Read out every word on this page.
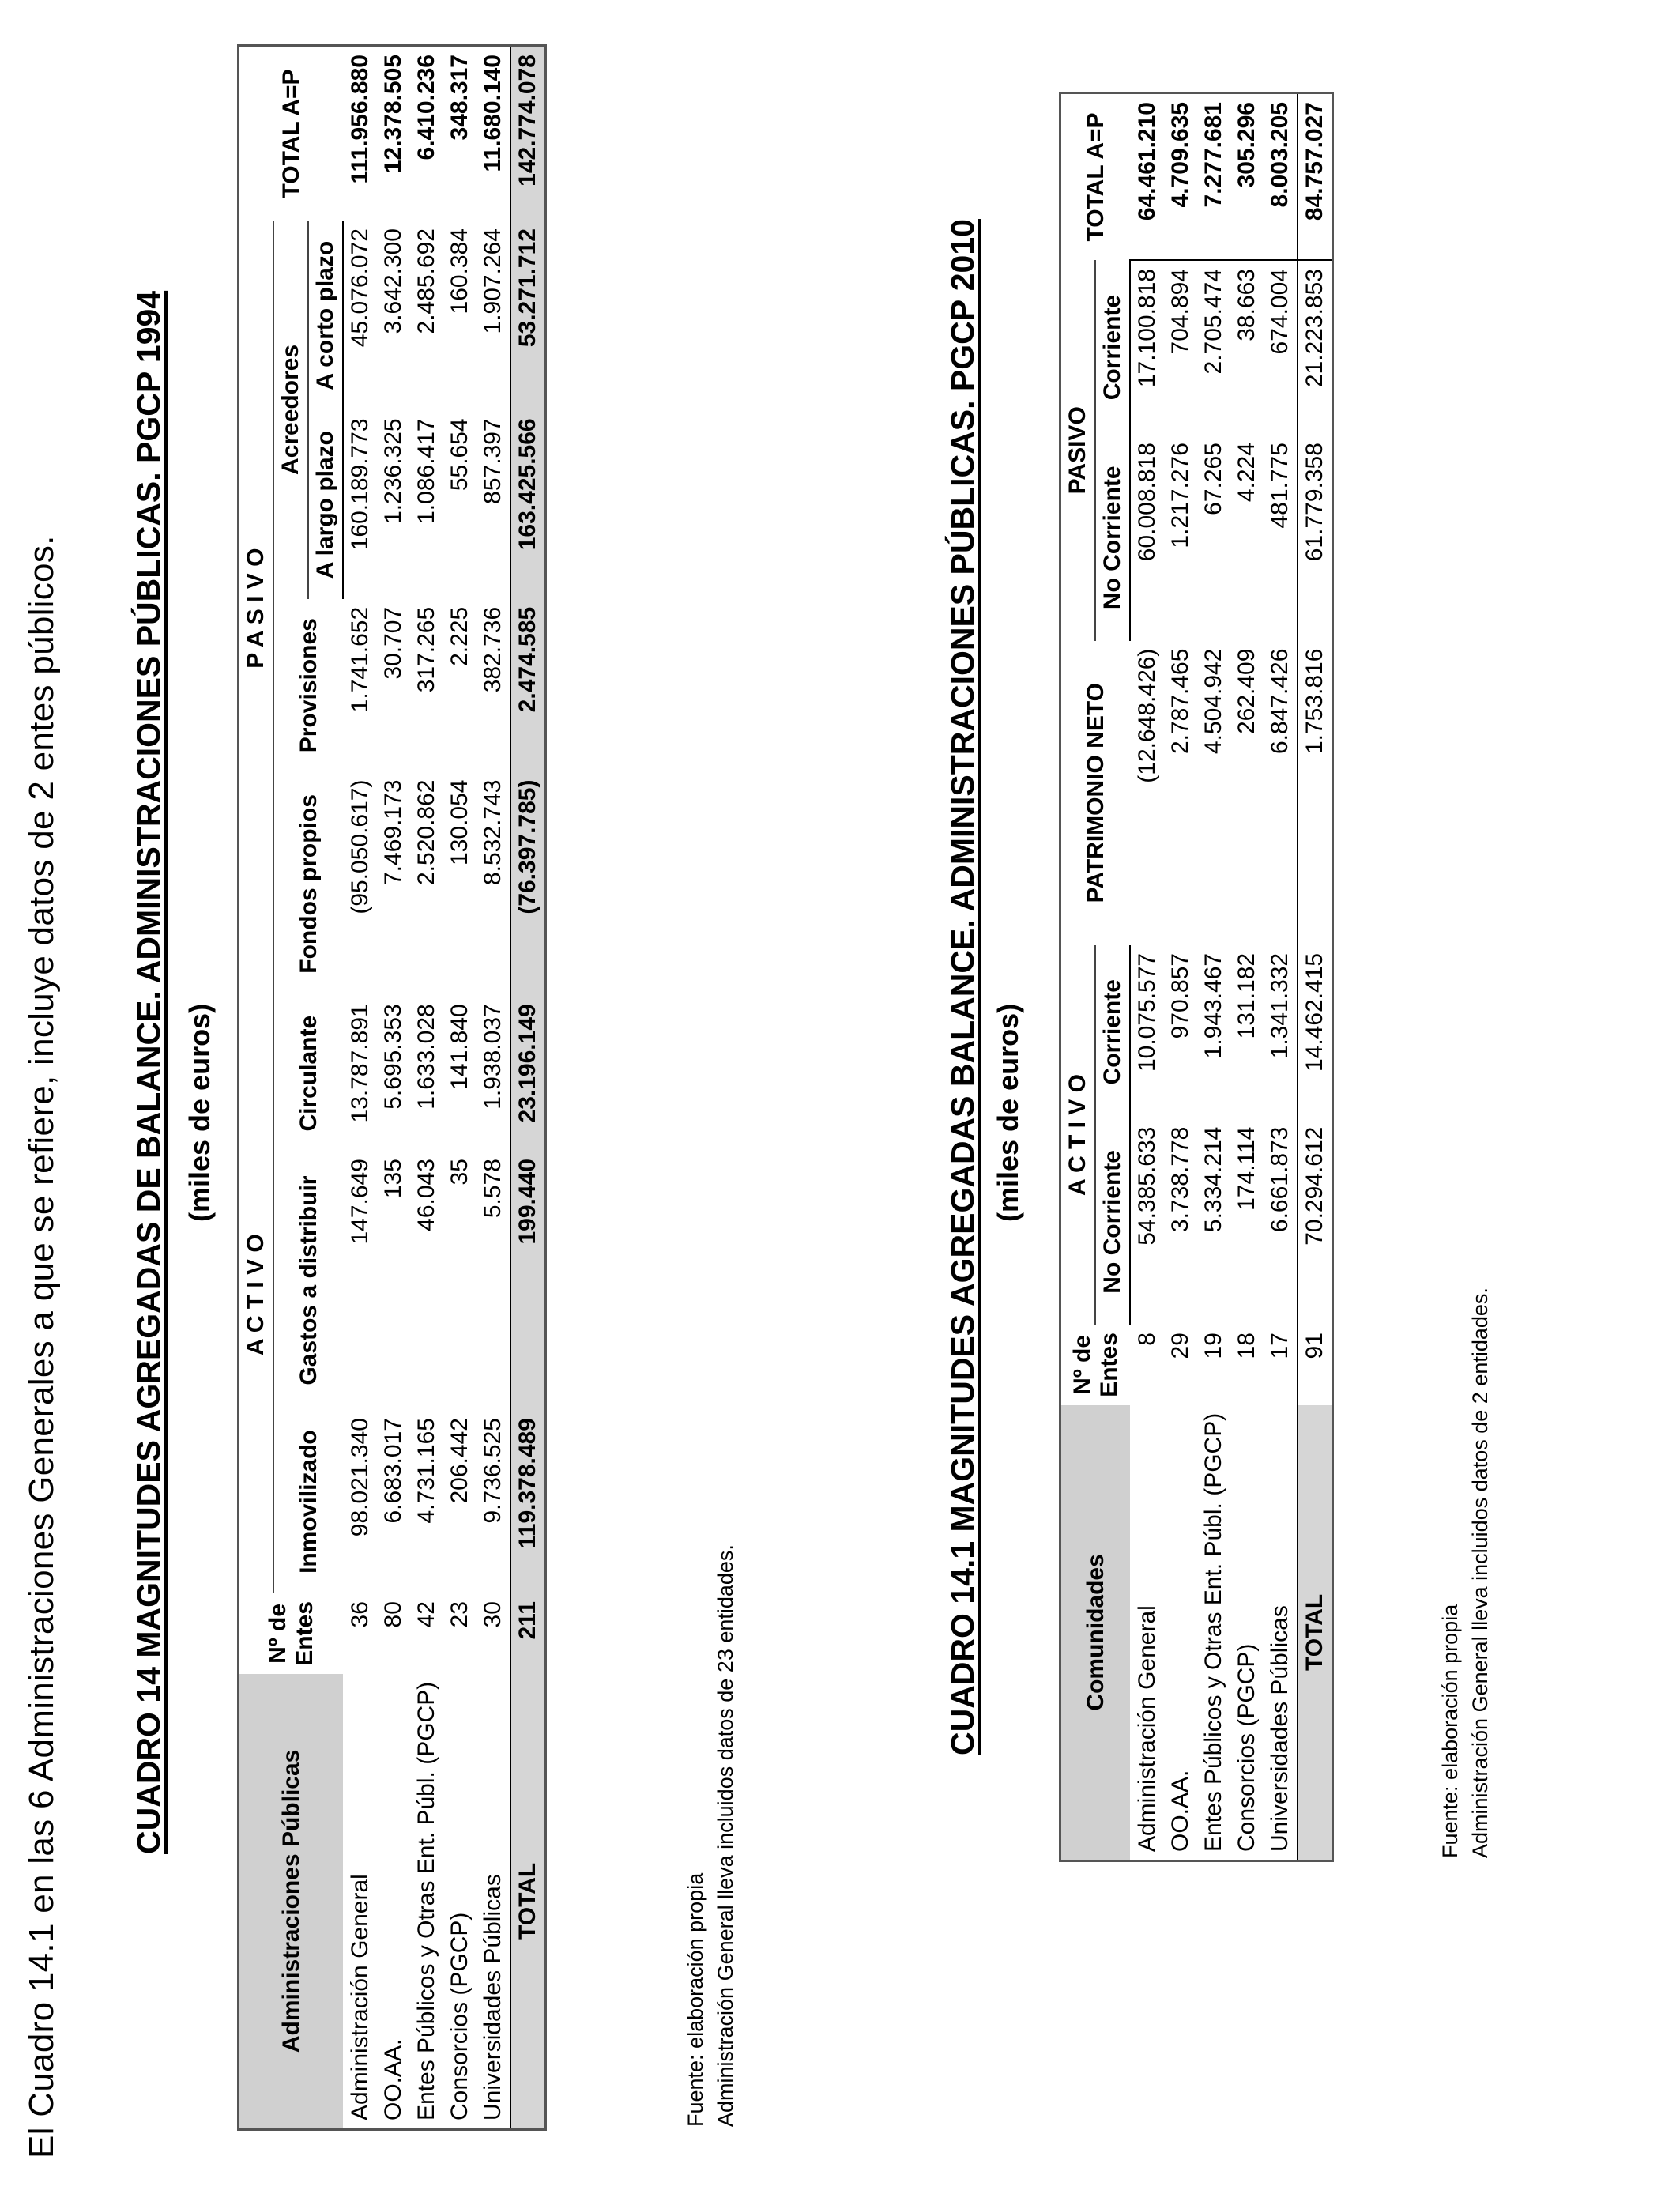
El Cuadro 14.1 en las 6 Administraciones Generales a que se refiere, incluye datos de 2 entes públicos. CUADRO 14 MAGNITUDES AGREGADAS DE BALANCE. ADMINISTRACIONES PÚBLICAS. PGCP 1994 (miles de euros)
Administraciones Públicas	Nº de Entes	A C T I V O			P A S I V O				TOTAL A=P
		Inmovilizado	Gastos a distribuir	Circulante	Fondos propios	Provisiones	Acreedores		
							A largo plazo	A corto plazo	
Administración General	36	98.021.340	147.649	13.787.891	(95.050.617)	1.741.652	160.189.773	45.076.072	111.956.880
OO.AA.	80	6.683.017	135	5.695.353	7.469.173	30.707	1.236.325	3.642.300	12.378.505
Entes Públicos y Otras Ent. Públ. (PGCP)	42	4.731.165	46.043	1.633.028	2.520.862	317.265	1.086.417	2.485.692	6.410.236
Consorcios (PGCP)	23	206.442	35	141.840	130.054	2.225	55.654	160.384	348.317
Universidades Públicas	30	9.736.525	5.578	1.938.037	8.532.743	382.736	857.397	1.907.264	11.680.140
TOTAL	211	119.378.489	199.440	23.196.149	(76.397.785)	2.474.585	163.425.566	53.271.712	142.774.078
Fuente: elaboración propia Administración General lleva incluidos datos de 23 entidades.
CUADRO 14.1 MAGNITUDES AGREGADAS BALANCE. ADMINISTRACIONES PÚBLICAS. PGCP 2010 (miles de euros)
Comunidades	Nº de Entes	A C T I V O		PATRIMONIO NETO	PASIVO		TOTAL A=P
		No Corriente	Corriente		No Corriente	Corriente	
Administración General	8	54.385.633	10.075.577	(12.648.426)	60.008.818	17.100.818	64.461.210
OO.AA.	29	3.738.778	970.857	2.787.465	1.217.276	704.894	4.709.635
Entes Públicos y Otras Ent. Públ. (PGCP)	19	5.334.214	1.943.467	4.504.942	67.265	2.705.474	7.277.681
Consorcios (PGCP)	18	174.114	131.182	262.409	4.224	38.663	305.296
Universidades Públicas	17	6.661.873	1.341.332	6.847.426	481.775	674.004	8.003.205
TOTAL	91	70.294.612	14.462.415	1.753.816	61.779.358	21.223.853	84.757.027
Fuente: elaboración propia Administración General lleva incluidos datos de 2 entidades.
